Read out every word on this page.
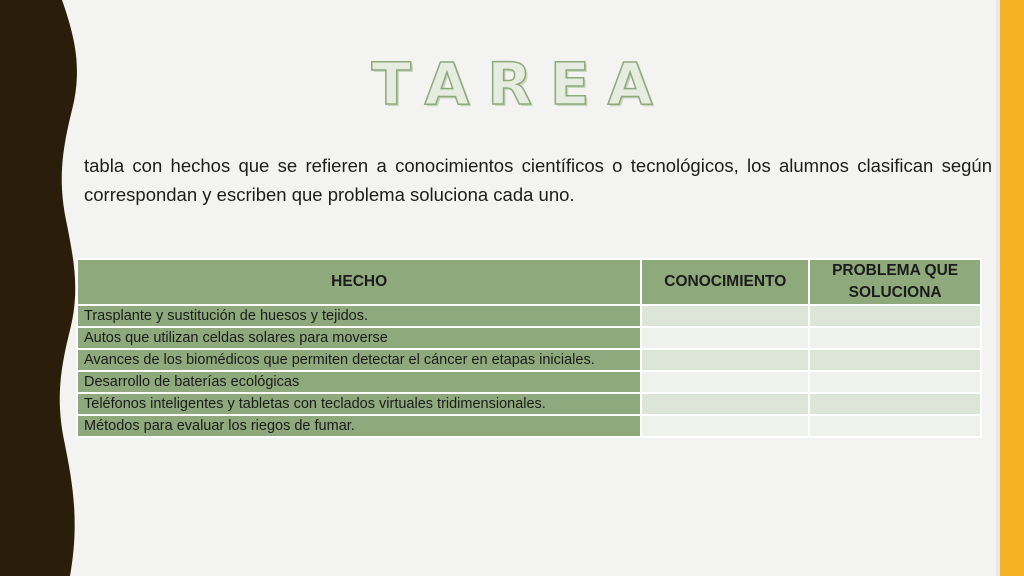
TAREA
tabla con hechos que se refieren a conocimientos científicos o tecnológicos, los alumnos clasifican según correspondan y escriben que problema soluciona cada uno.
HECHO	CONOCIMIENTO	PROBLEMA QUE SOLUCIONA
Trasplante y sustitución de huesos y tejidos.		
Autos que utilizan celdas solares para moverse		
Avances de los biomédicos que permiten detectar el cáncer en etapas iniciales.		
Desarrollo de baterías ecológicas		
Teléfonos inteligentes y tabletas con teclados virtuales tridimensionales.		
Métodos para evaluar los riegos de fumar.		
